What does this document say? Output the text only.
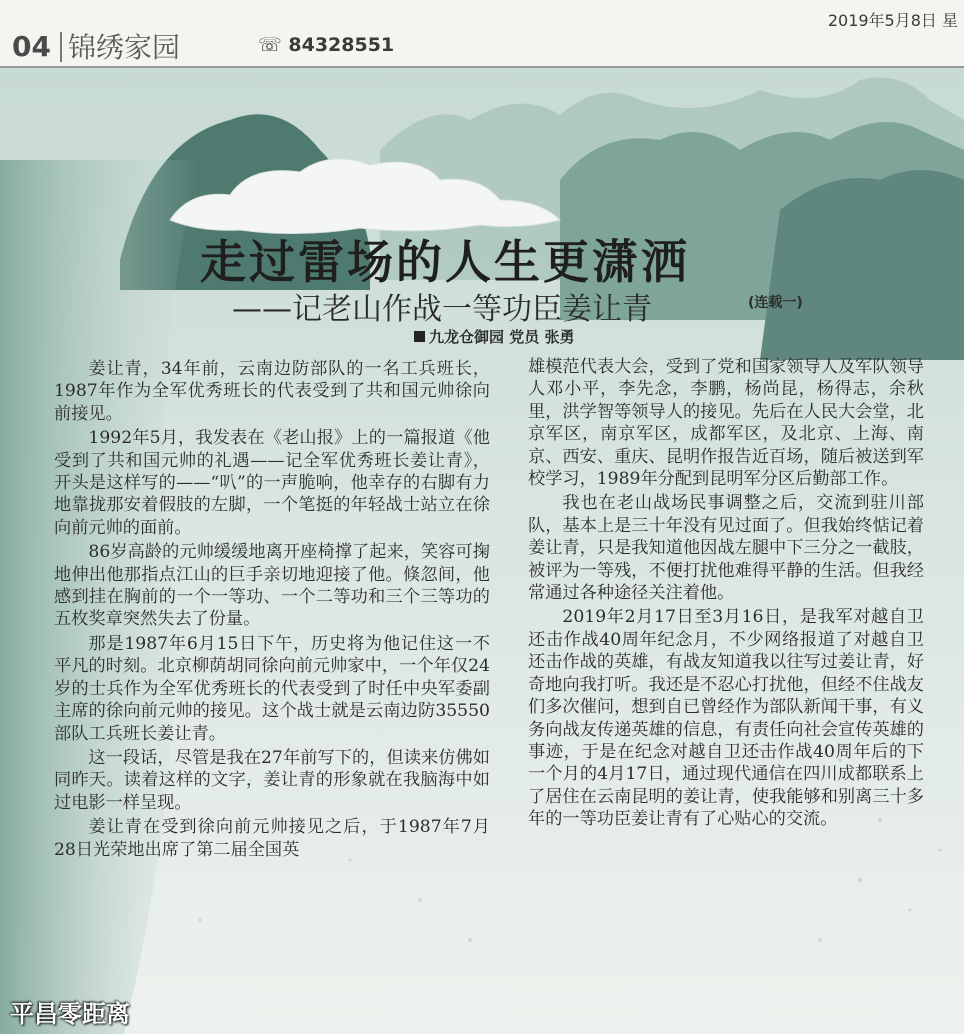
2019年5月8日 星
04 锦绣家园	☏ 84328551
走过雷场的人生更潇洒
——记老山作战一等功臣姜让青	(连载一)
九龙仓御园 党员 张勇

姜让青，34年前，云南边防部队的一名工兵班长，1987年作为全军优秀班长的代表受到了共和国元帅徐向前接见。

1992年5月，我发表在《老山报》上的一篇报道《他受到了共和国元帅的礼遇——记全军优秀班长姜让青》，开头是这样写的——“叭”的一声脆响，他幸存的右脚有力地靠拢那安着假肢的左脚，一个笔挺的年轻战士站立在徐向前元帅的面前。

86岁高龄的元帅缓缓地离开座椅撑了起来，笑容可掬地伸出他那指点江山的巨手亲切地迎接了他。倏忽间，他感到挂在胸前的一个一等功、一个二等功和三个三等功的五枚奖章突然失去了份量。

那是1987年6月15日下午，历史将为他记住这一不平凡的时刻。北京柳荫胡同徐向前元帅家中，一个年仅24岁的士兵作为全军优秀班长的代表受到了时任中央军委副主席的徐向前元帅的接见。这个战士就是云南边防35550部队工兵班长姜让青。

这一段话，尽管是我在27年前写下的，但读来仿佛如同昨天。读着这样的文字，姜让青的形象就在我脑海中如过电影一样呈现。

姜让青在受到徐向前元帅接见之后，于1987年7月28日光荣地出席了第二届全国英

雄模范代表大会，受到了党和国家领导人及军队领导人邓小平，李先念，李鹏，杨尚昆，杨得志，余秋里，洪学智等领导人的接见。先后在人民大会堂，北京军区，南京军区，成都军区，及北京、上海、南京、西安、重庆、昆明作报告近百场，随后被送到军校学习，1989年分配到昆明军分区后勤部工作。

我也在老山战场民事调整之后，交流到驻川部队，基本上是三十年没有见过面了。但我始终惦记着姜让青，只是我知道他因战左腿中下三分之一截肢，被评为一等残，不便打扰他难得平静的生活。但我经常通过各种途径关注着他。

2019年2月17日至3月16日，是我军对越自卫还击作战40周年纪念月，不少网络报道了对越自卫还击作战的英雄，有战友知道我以往写过姜让青，好奇地向我打听。我还是不忍心打扰他，但经不住战友们多次催问，想到自已曾经作为部队新闻干事，有义务向战友传递英雄的信息，有责任向社会宣传英雄的事迹，于是在纪念对越自卫还击作战40周年后的下一个月的4月17日，通过现代通信在四川成都联系上了居住在云南昆明的姜让青，使我能够和别离三十多年的一等功臣姜让青有了心贴心的交流。

平昌零距离
